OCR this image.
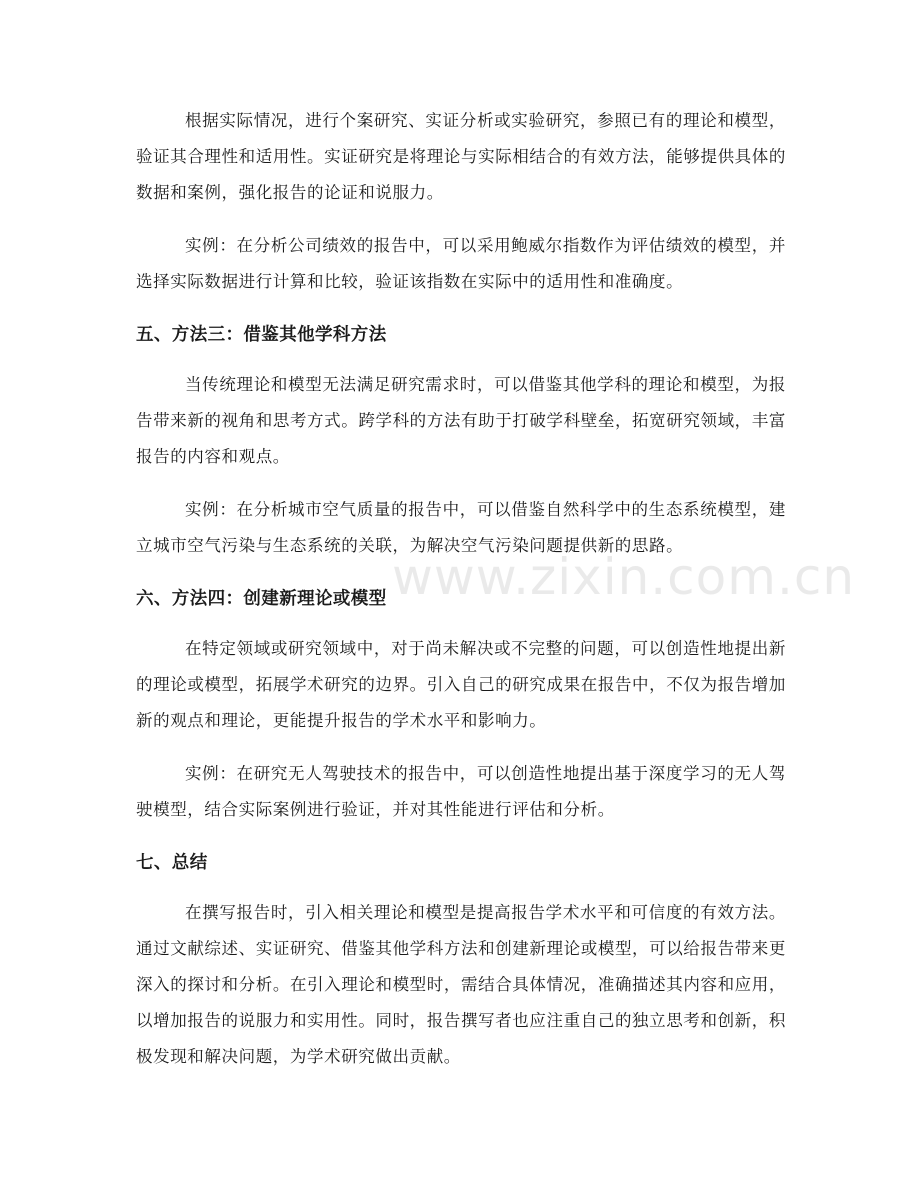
根据实际情况，进行个案研究、实证分析或实验研究，参照已有的理论和模型，验证其合理性和适用性。实证研究是将理论与实际相结合的有效方法，能够提供具体的数据和案例，强化报告的论证和说服力。

实例：在分析公司绩效的报告中，可以采用鲍威尔指数作为评估绩效的模型，并选择实际数据进行计算和比较，验证该指数在实际中的适用性和准确度。

五、方法三：借鉴其他学科方法

当传统理论和模型无法满足研究需求时，可以借鉴其他学科的理论和模型，为报告带来新的视角和思考方式。跨学科的方法有助于打破学科壁垒，拓宽研究领域，丰富报告的内容和观点。

实例：在分析城市空气质量的报告中，可以借鉴自然科学中的生态系统模型，建立城市空气污染与生态系统的关联，为解决空气污染问题提供新的思路。

六、方法四：创建新理论或模型

在特定领域或研究领域中，对于尚未解决或不完整的问题，可以创造性地提出新的理论或模型，拓展学术研究的边界。引入自己的研究成果在报告中，不仅为报告增加新的观点和理论，更能提升报告的学术水平和影响力。

实例：在研究无人驾驶技术的报告中，可以创造性地提出基于深度学习的无人驾驶模型，结合实际案例进行验证，并对其性能进行评估和分析。

七、总结

在撰写报告时，引入相关理论和模型是提高报告学术水平和可信度的有效方法。通过文献综述、实证研究、借鉴其他学科方法和创建新理论或模型，可以给报告带来更深入的探讨和分析。在引入理论和模型时，需结合具体情况，准确描述其内容和应用，以增加报告的说服力和实用性。同时，报告撰写者也应注重自己的独立思考和创新，积极发现和解决问题，为学术研究做出贡献。

www.zixin.com.cn
